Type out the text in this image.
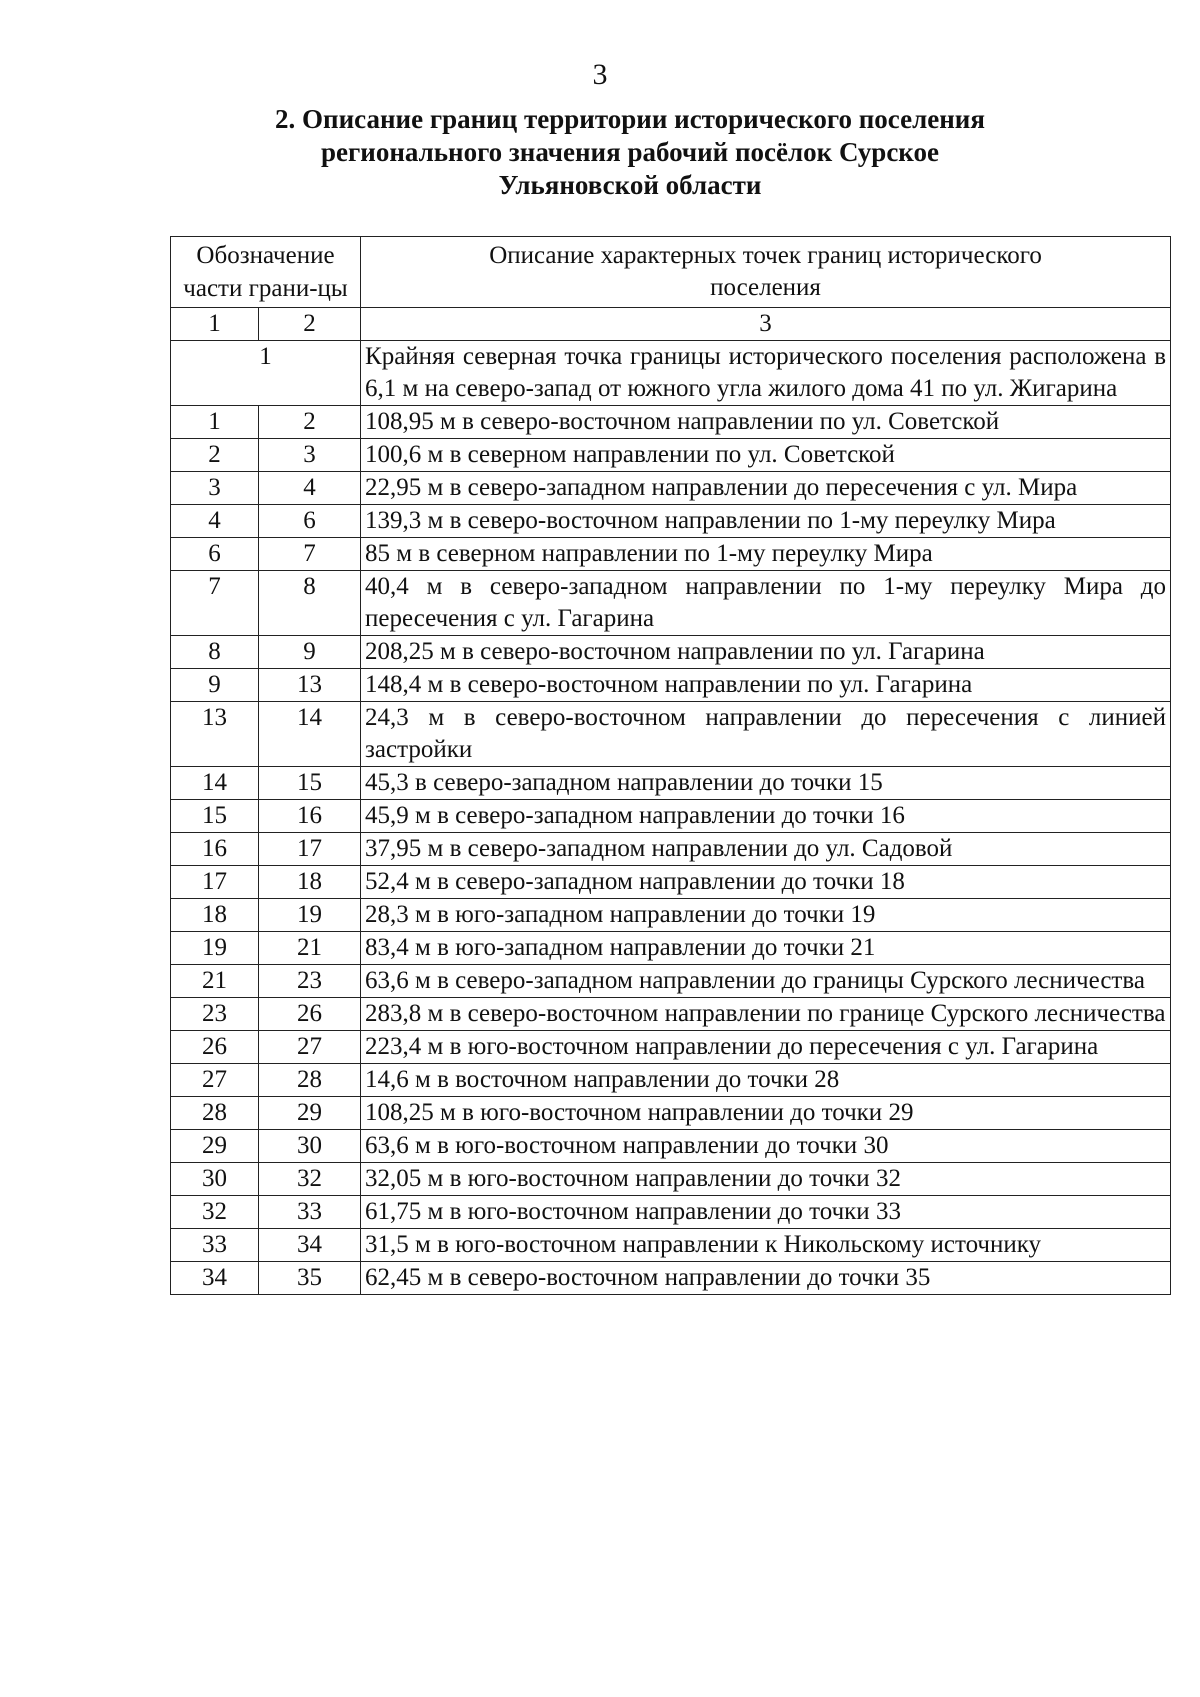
3
2. Описание границ территории исторического поселения
регионального значения рабочий посёлок Сурское
Ульяновской области
Обозначение части грани-цы		Описание характерных точек границ исторического поселения
1	2	3
1		Крайняя северная точка границы исторического поселения расположена в 6,1 м на северо-запад от южного угла жилого дома 41 по ул. Жигарина
1	2	108,95 м в северо-восточном направлении по ул. Советской
2	3	100,6 м в северном направлении по ул. Советской
3	4	22,95 м в северо-западном направлении до пересечения с ул. Мира
4	6	139,3 м в северо-восточном направлении по 1-му переулку Мира
6	7	85 м в северном направлении по 1-му переулку Мира
7	8	40,4 м в северо-западном направлении по 1-му переулку Мира до пересечения с ул. Гагарина
8	9	208,25 м в северо-восточном направлении по ул. Гагарина
9	13	148,4 м в северо-восточном направлении по ул. Гагарина
13	14	24,3 м в северо-восточном направлении до пересечения с линией застройки
14	15	45,3 в северо-западном направлении до точки 15
15	16	45,9 м в северо-западном направлении до точки 16
16	17	37,95 м в северо-западном направлении до ул. Садовой
17	18	52,4 м в северо-западном направлении до точки 18
18	19	28,3 м в юго-западном направлении до точки 19
19	21	83,4 м в юго-западном направлении до точки 21
21	23	63,6 м в северо-западном направлении до границы Сурского лесничества
23	26	283,8 м в северо-восточном направлении по границе Сурского лесничества
26	27	223,4 м в юго-восточном направлении до пересечения с ул. Гагарина
27	28	14,6 м в восточном направлении до точки 28
28	29	108,25 м в юго-восточном направлении до точки 29
29	30	63,6 м в юго-восточном направлении до точки 30
30	32	32,05 м в юго-восточном направлении до точки 32
32	33	61,75 м в юго-восточном направлении до точки 33
33	34	31,5 м в юго-восточном направлении к Никольскому источнику
34	35	62,45 м в северо-восточном направлении до точки 35
